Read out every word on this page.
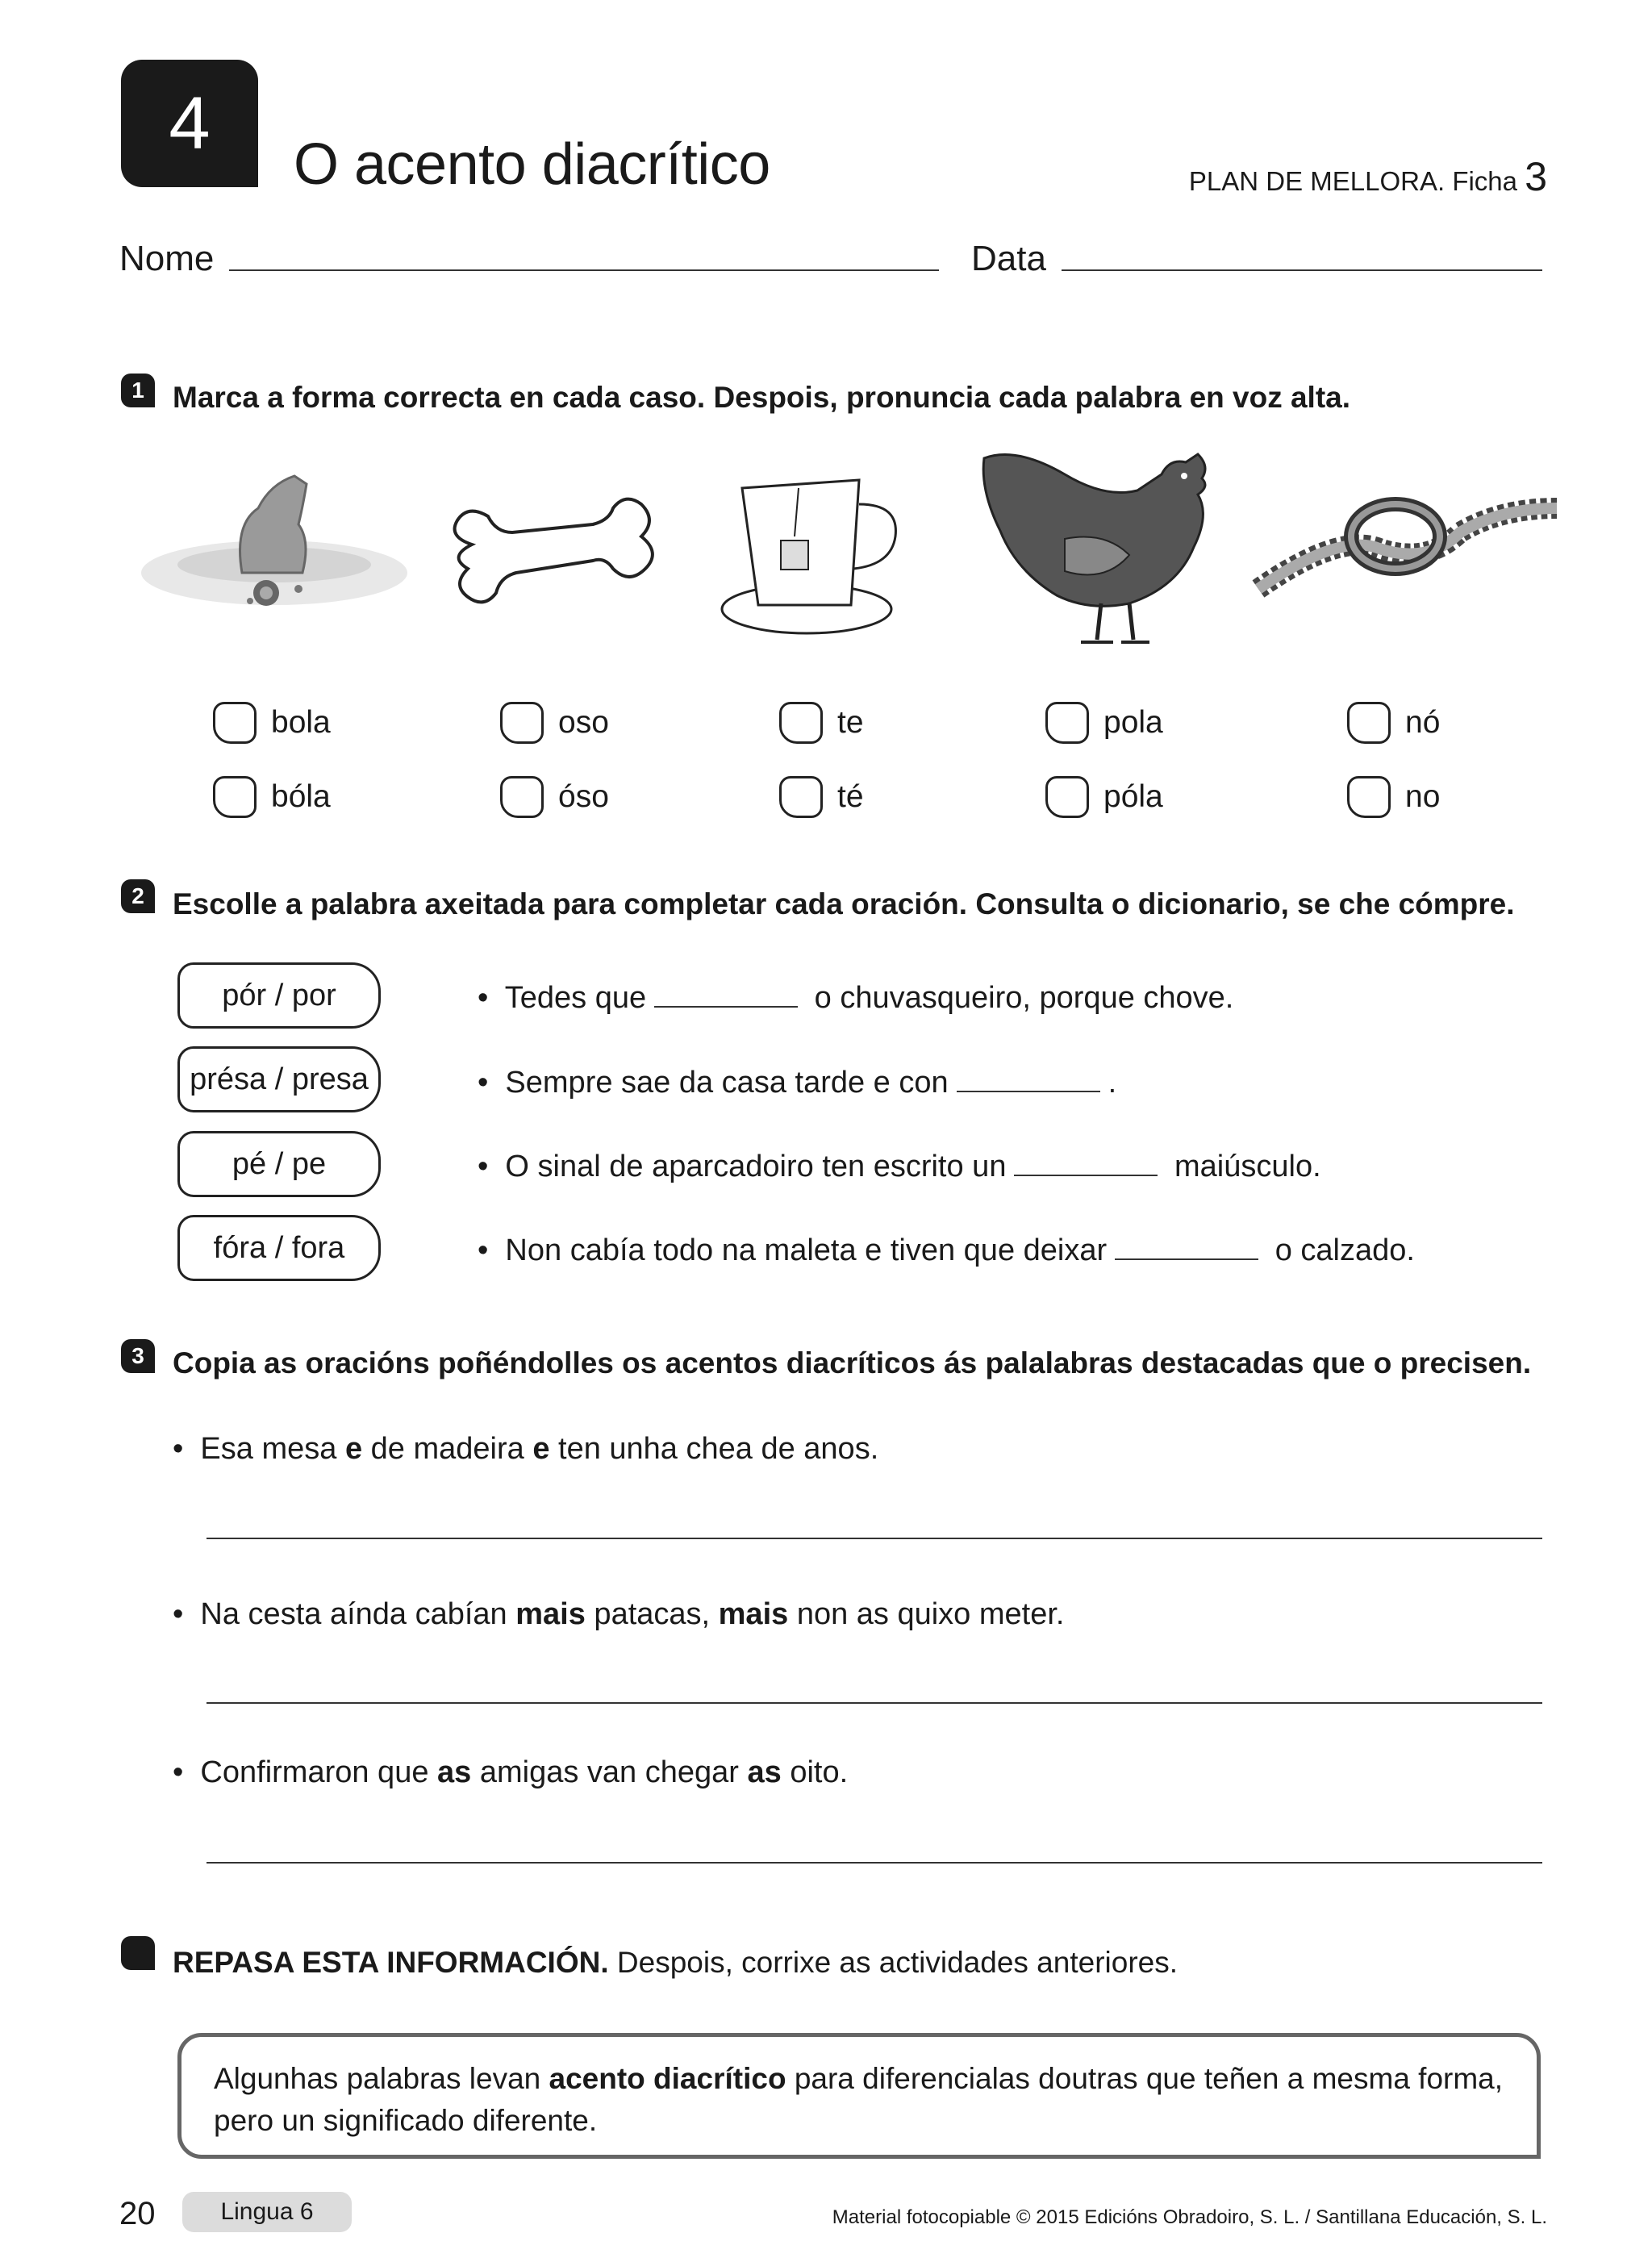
4
O acento diacrítico	PLAN DE MELLORA. Ficha 3
Nome	Data
1 Marca a forma correcta en cada caso. Despois, pronuncia cada palabra en voz alta.
bola
bóla
oso
óso
te
té
pola
póla
nó
no
2 Escolle a palabra axeitada para completar cada oración. Consulta o dicionario, se che cómpre.
pór / por
présa / presa
pé / pe
fóra / fora
•  Tedes que	o chuvasqueiro, porque chove.
•  Sempre sae da casa tarde e con	.
•  O sinal de aparcadoiro ten escrito un	maiúsculo.
•  Non cabía todo na maleta e tiven que deixar	o calzado.
3 Copia as oracións poñéndolles os acentos diacríticos ás palalabras destacadas que o precisen.
•  Esa mesa e de madeira e ten unha chea de anos.
•  Na cesta aínda cabían mais patacas, mais non as quixo meter.
•  Confirmaron que as amigas van chegar as oito.
REPASA ESTA INFORMACIÓN. Despois, corrixe as actividades anteriores.
Algunhas palabras levan acento diacrítico para diferencialas doutras que teñen a mesma forma, pero un significado diferente.
20	Lingua 6	Material fotocopiable © 2015 Edicións Obradoiro, S. L. / Santillana Educación, S. L.
